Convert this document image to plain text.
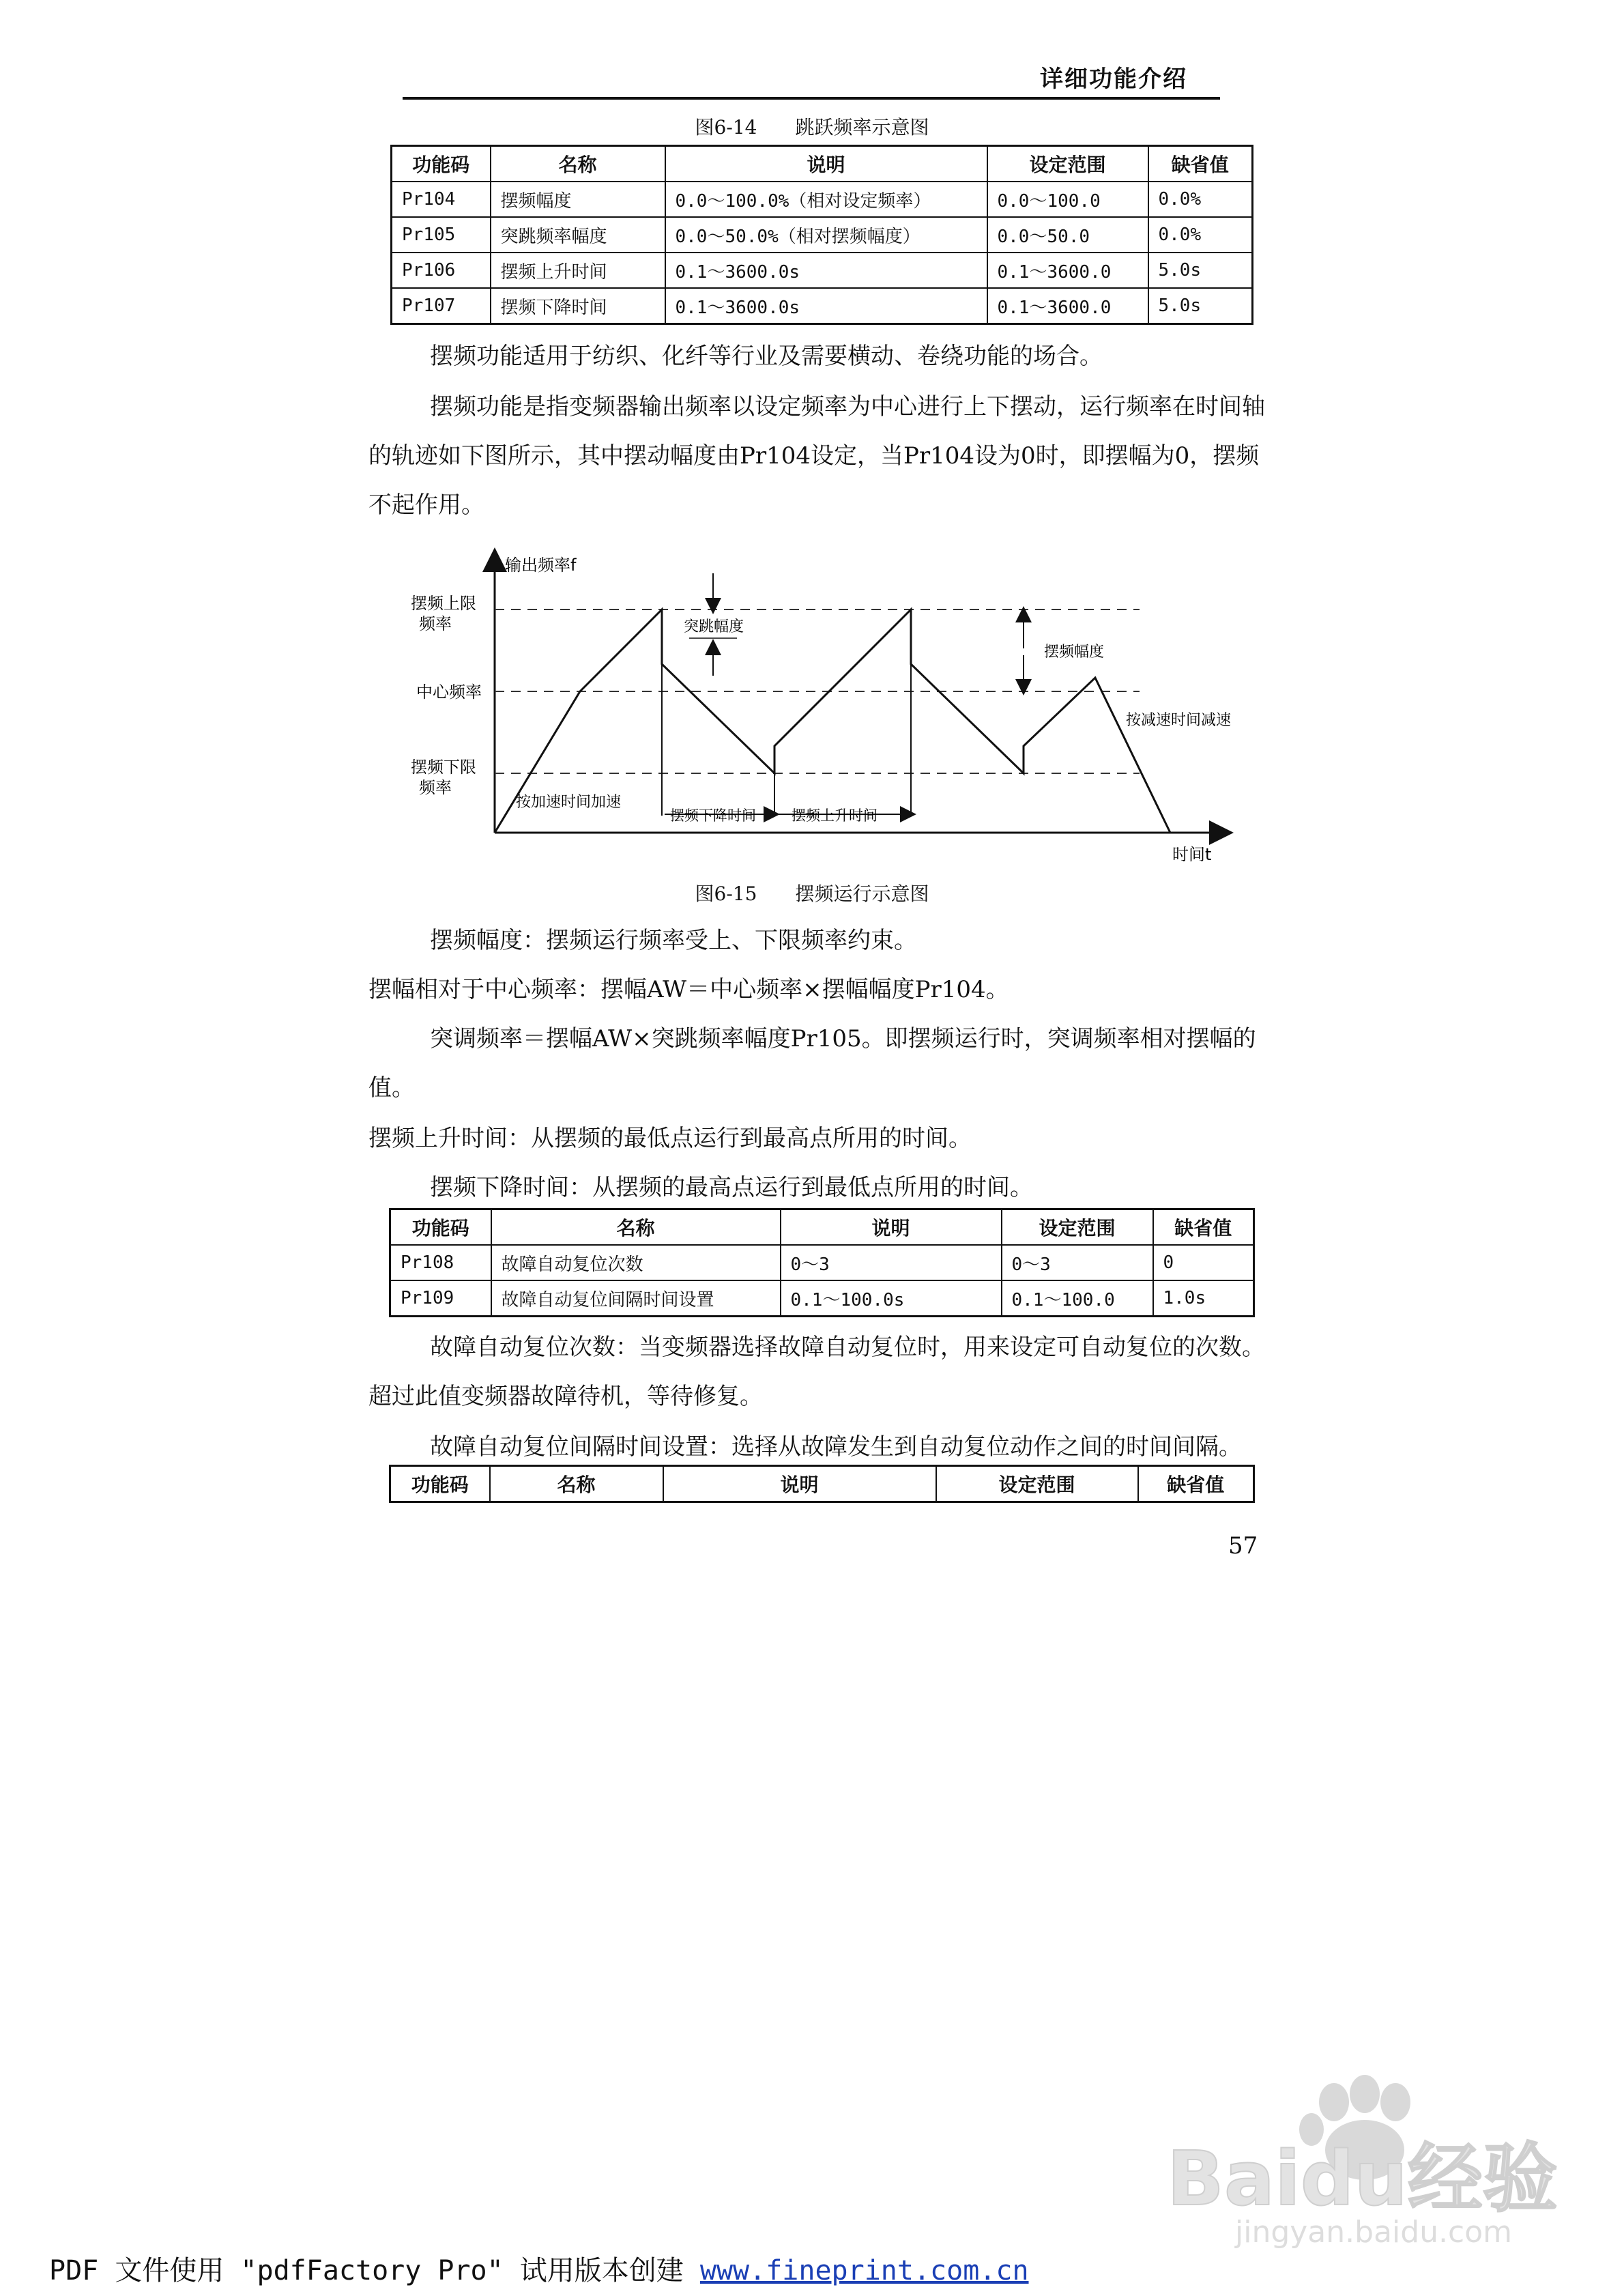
详细功能介绍
图6-14　　跳跃频率示意图
功能码	名称	说明	设定范围	缺省值
Pr104	摆频幅度	0.0～100.0%（相对设定频率）	0.0～100.0	0.0%
Pr105	突跳频率幅度	0.0～50.0%（相对摆频幅度）	0.0～50.0	0.0%
Pr106	摆频上升时间	0.1～3600.0s	0.1～3600.0	5.0s
Pr107	摆频下降时间	0.1～3600.0s	0.1～3600.0	5.0s
摆频功能适用于纺织、化纤等行业及需要横动、卷绕功能的场合。
摆频功能是指变频器输出频率以设定频率为中心进行上下摆动，运行频率在时间轴的轨迹如下图所示，其中摆动幅度由Pr104设定，当Pr104设为0时，即摆幅为0，摆频不起作用。
输出频率f
时间t
摆频上限
频率
中心频率
摆频下限
频率
突跳幅度
摆频幅度
按加速时间加速
按减速时间减速
摆频下降时间 摆频上升时间
图6-15　　摆频运行示意图
摆频幅度：摆频运行频率受上、下限频率约束。
摆幅相对于中心频率：摆幅AW＝中心频率×摆幅幅度Pr104。
突调频率＝摆幅AW×突跳频率幅度Pr105。即摆频运行时，突调频率相对摆幅的值。
摆频上升时间：从摆频的最低点运行到最高点所用的时间。
摆频下降时间：从摆频的最高点运行到最低点所用的时间。
功能码	名称	说明	设定范围	缺省值
Pr108	故障自动复位次数	0～3	0～3	0
Pr109	故障自动复位间隔时间设置	0.1～100.0s	0.1～100.0	1.0s
故障自动复位次数：当变频器选择故障自动复位时，用来设定可自动复位的次数。超过此值变频器故障待机，等待修复。
故障自动复位间隔时间设置：选择从故障发生到自动复位动作之间的时间间隔。
功能码	名称	说明	设定范围	缺省值
57
Baidu经验
jingyan.baidu.com
PDF 文件使用 "pdfFactory Pro" 试用版本创建 www.fineprint.com.cn
